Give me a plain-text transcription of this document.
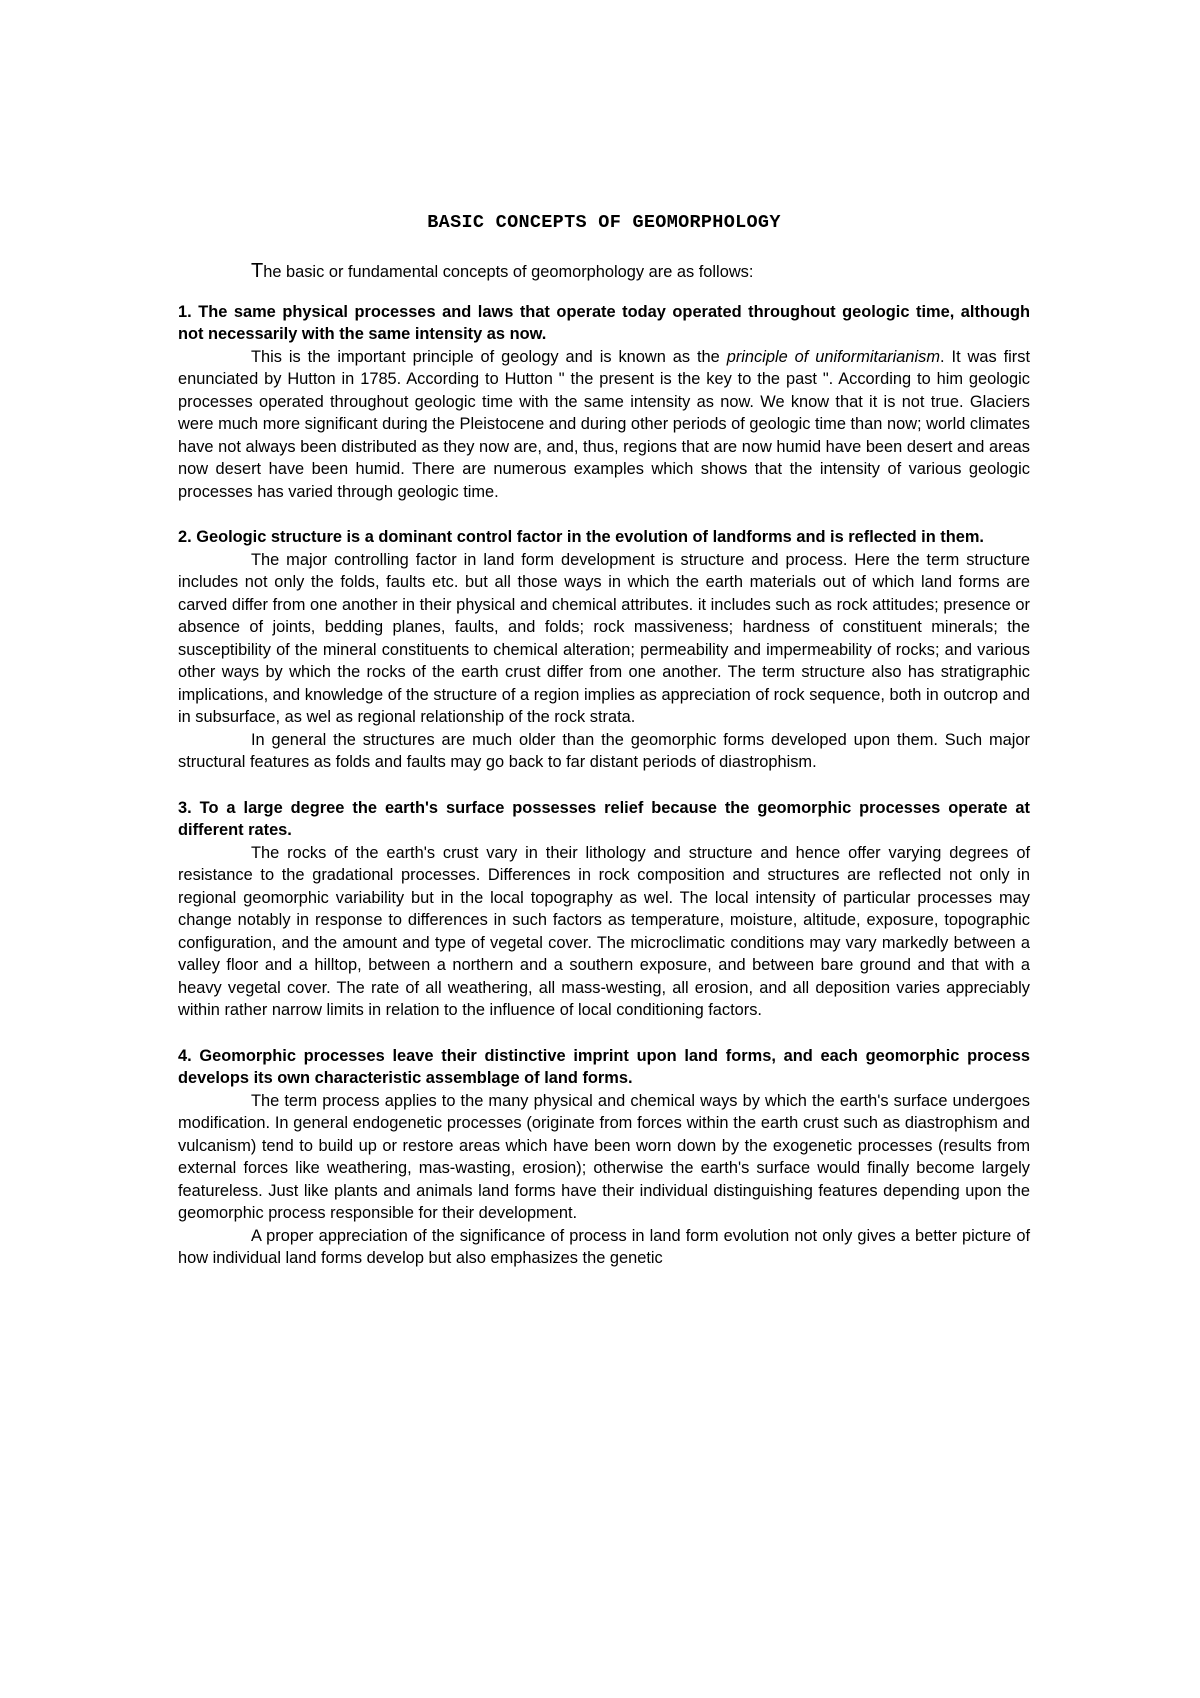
BASIC CONCEPTS OF GEOMORPHOLOGY

The basic or fundamental concepts of geomorphology are as follows:

1. The same physical processes and laws that operate today operated throughout geologic time, although not necessarily with the same intensity as now.

This is the important principle of geology and is known as the principle of uniformitarianism. It was first enunciated by Hutton in 1785. According to Hutton " the present is the key to the past ". According to him geologic processes operated throughout geologic time with the same intensity as now. We know that it is not true. Glaciers were much more significant during the Pleistocene and during other periods of geologic time than now; world climates have not always been distributed as they now are, and, thus, regions that are now humid have been desert and areas now desert have been humid. There are numerous examples which shows that the intensity of various geologic processes has varied through geologic time.

2. Geologic structure is a dominant control factor in the evolution of landforms and is reflected in them.

The major controlling factor in land form development is structure and process. Here the term structure includes not only the folds, faults etc. but all those ways in which the earth materials out of which land forms are carved differ from one another in their physical and chemical attributes. it includes such as rock attitudes; presence or absence of joints, bedding planes, faults, and folds; rock massiveness; hardness of constituent minerals; the susceptibility of the mineral constituents to chemical alteration; permeability and impermeability of rocks; and various other ways by which the rocks of the earth crust differ from one another. The term structure also has stratigraphic implications, and knowledge of the structure of a region implies as appreciation of rock sequence, both in outcrop and in subsurface, as wel as regional relationship of the rock strata.

In general the structures are much older than the geomorphic forms developed upon them. Such major structural features as folds and faults may go back to far distant periods of diastrophism.

3. To a large degree the earth's surface possesses relief because the geomorphic processes operate at different rates.

The rocks of the earth's crust vary in their lithology and structure and hence offer varying degrees of resistance to the gradational processes. Differences in rock composition and structures are reflected not only in regional geomorphic variability but in the local topography as wel. The local intensity of particular processes may change notably in response to differences in such factors as temperature, moisture, altitude, exposure, topographic configuration, and the amount and type of vegetal cover. The microclimatic conditions may vary markedly between a valley floor and a hilltop, between a northern and a southern exposure, and between bare ground and that with a heavy vegetal cover. The rate of all weathering, all mass-westing, all erosion, and all deposition varies appreciably within rather narrow limits in relation to the influence of local conditioning factors.

4. Geomorphic processes leave their distinctive imprint upon land forms, and each geomorphic process develops its own characteristic assemblage of land forms.

The term process applies to the many physical and chemical ways by which the earth's surface undergoes modification. In general endogenetic processes (originate from forces within the earth crust such as diastrophism and vulcanism) tend to build up or restore areas which have been worn down by the exogenetic processes (results from external forces like weathering, mas-wasting, erosion); otherwise the earth's surface would finally become largely featureless. Just like plants and animals land forms have their individual distinguishing features depending upon the geomorphic process responsible for their development.

A proper appreciation of the significance of process in land form evolution not only gives a better picture of how individual land forms develop but also emphasizes the genetic
